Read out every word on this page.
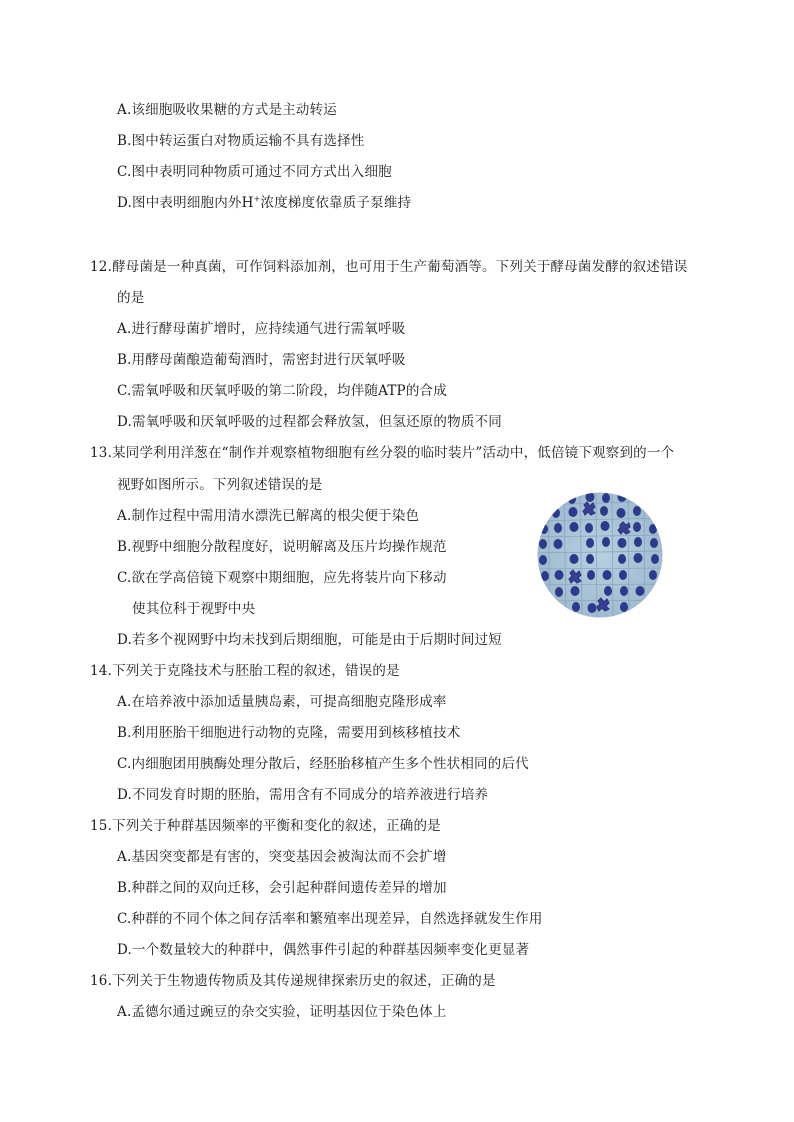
A.该细胞吸收果糖的方式是主动转运
B.图中转运蛋白对物质运输不具有选择性
C.图中表明同种物质可通过不同方式出入细胞
D.图中表明细胞内外H+浓度梯度依靠质子泵维持
12.酵母菌是一种真菌，可作饲料添加剂，也可用于生产葡萄酒等。下列关于酵母菌发酵的叙述错误
的是
A.进行酵母菌扩增时，应持续通气进行需氧呼吸
B.用酵母菌酿造葡萄酒时，需密封进行厌氧呼吸
C.需氧呼吸和厌氧呼吸的第二阶段，均伴随ATP的合成
D.需氧呼吸和厌氧呼吸的过程都会释放氢，但氢还原的物质不同
13.某同学利用洋葱在“制作并观察植物细胞有丝分裂的临时装片”活动中，低倍镜下观察到的一个
视野如图所示。下列叙述错误的是
A.制作过程中需用清水漂洗已解离的根尖便于染色
B.视野中细胞分散程度好，说明解离及压片均操作规范
C.欲在学高倍镜下观察中期细胞，应先将装片向下移动
使其位科于视野中央
D.若多个视网野中均未找到后期细胞，可能是由于后期时间过短
14.下列关于克隆技术与胚胎工程的叙述，错误的是
A.在培养液中添加适量胰岛素，可提高细胞克隆形成率
B.利用胚胎干细胞进行动物的克隆，需要用到核移植技术
C.内细胞团用胰酶处理分散后，经胚胎移植产生多个性状相同的后代
D.不同发育时期的胚胎，需用含有不同成分的培养液进行培养
15.下列关于种群基因频率的平衡和变化的叙述，正确的是
A.基因突变都是有害的，突变基因会被淘汰而不会扩增
B.种群之间的双向迁移，会引起种群间遗传差异的增加
C.种群的不同个体之间存活率和繁殖率出现差异，自然选择就发生作用
D.一个数量较大的种群中，偶然事件引起的种群基因频率变化更显著
16.下列关于生物遗传物质及其传递规律探索历史的叙述，正确的是
A.孟德尔通过豌豆的杂交实验，证明基因位于染色体上
